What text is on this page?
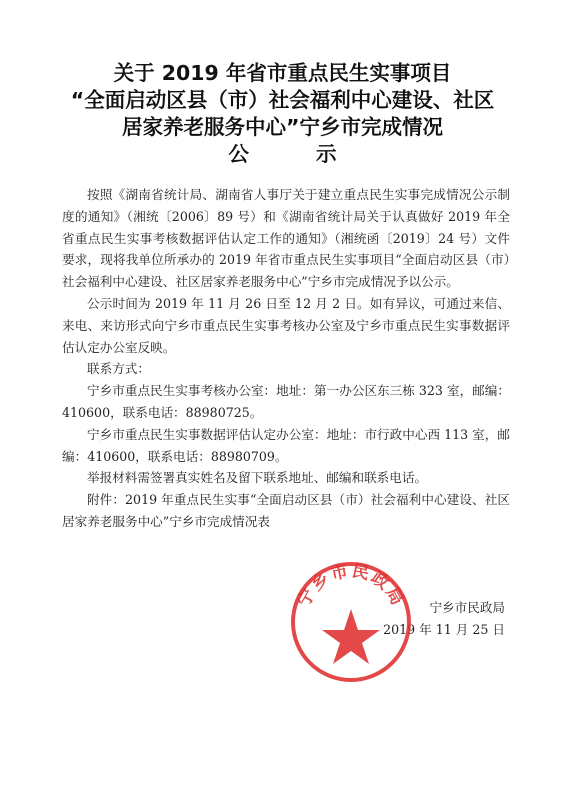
关于 2019 年省市重点民生实事项目
“全面启动区县（市）社会福利中心建设、社区
居家养老服务中心”宁乡市完成情况
公 示

按照《湖南省统计局、湖南省人事厅关于建立重点民生实事完成情况公示制度的通知》（湘统〔2006〕89 号）和《湖南省统计局关于认真做好 2019 年全省重点民生实事考核数据评估认定工作的通知》（湘统函〔2019〕24 号）文件要求，现将我单位所承办的 2019 年省市重点民生实事项目“全面启动区县（市）社会福利中心建设、社区居家养老服务中心”宁乡市完成情况予以公示。

公示时间为 2019 年 11 月 26 日至 12 月 2 日。如有异议，可通过来信、来电、来访形式向宁乡市重点民生实事考核办公室及宁乡市重点民生实事数据评估认定办公室反映。

联系方式：

宁乡市重点民生实事考核办公室：地址：第一办公区东三栋 323 室，邮编：410600，联系电话：88980725。

宁乡市重点民生实事数据评估认定办公室：地址：市行政中心西 113 室，邮编：410600，联系电话：88980709。

举报材料需签署真实姓名及留下联系地址、邮编和联系电话。

附件：2019 年重点民生实事“全面启动区县（市）社会福利中心建设、社区居家养老服务中心”宁乡市完成情况表

宁乡市民政局
2019 年 11 月 25 日
宁乡市民政局
